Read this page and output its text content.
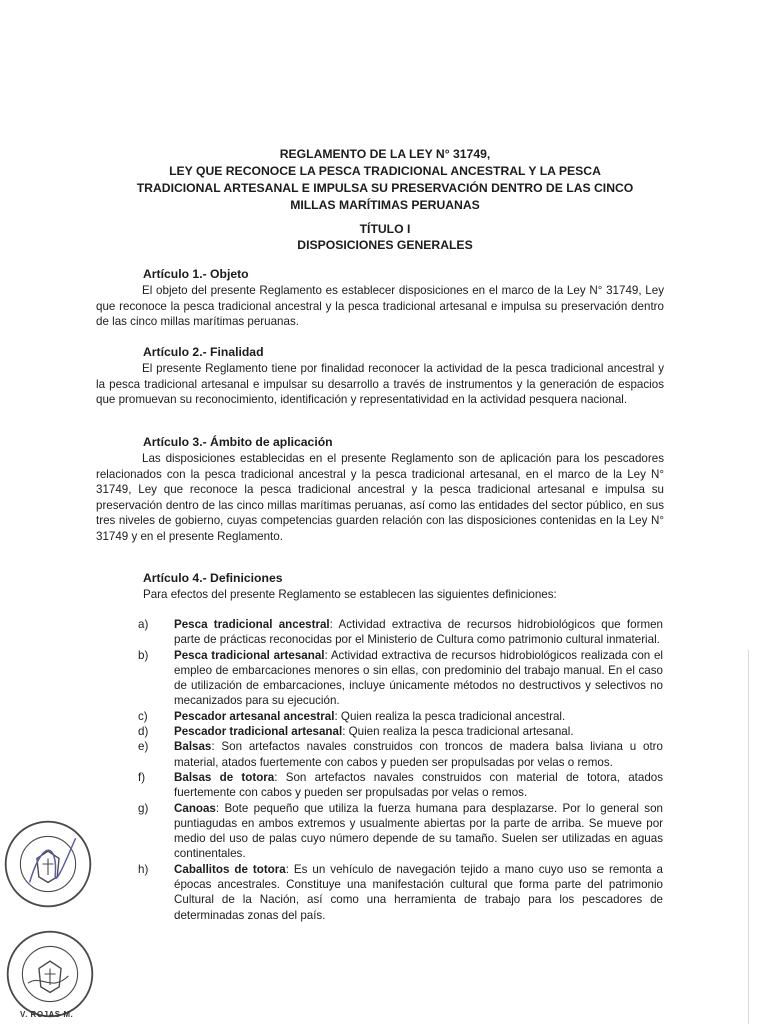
REGLAMENTO DE LA LEY N° 31749,
LEY QUE RECONOCE LA PESCA TRADICIONAL ANCESTRAL Y LA PESCA
TRADICIONAL ARTESANAL E IMPULSA SU PRESERVACIÓN DENTRO DE LAS CINCO
MILLAS MARÍTIMAS PERUANAS
TÍTULO I
DISPOSICIONES GENERALES
Artículo 1.- Objeto
El objeto del presente Reglamento es establecer disposiciones en el marco de la Ley N° 31749, Ley que reconoce la pesca tradicional ancestral y la pesca tradicional artesanal e impulsa su preservación dentro de las cinco millas marítimas peruanas.
Artículo 2.- Finalidad
El presente Reglamento tiene por finalidad reconocer la actividad de la pesca tradicional ancestral y la pesca tradicional artesanal e impulsar su desarrollo a través de instrumentos y la generación de espacios que promuevan su reconocimiento, identificación y representatividad en la actividad pesquera nacional.
Artículo 3.- Ámbito de aplicación
Las disposiciones establecidas en el presente Reglamento son de aplicación para los pescadores relacionados con la pesca tradicional ancestral y la pesca tradicional artesanal, en el marco de la Ley N° 31749, Ley que reconoce la pesca tradicional ancestral y la pesca tradicional artesanal e impulsa su preservación dentro de las cinco millas marítimas peruanas, así como las entidades del sector público, en sus tres niveles de gobierno, cuyas competencias guarden relación con las disposiciones contenidas en la Ley N° 31749 y en el presente Reglamento.
Artículo 4.- Definiciones
Para efectos del presente Reglamento se establecen las siguientes definiciones:
a)	Pesca tradicional ancestral: Actividad extractiva de recursos hidrobiológicos que formen parte de prácticas reconocidas por el Ministerio de Cultura como patrimonio cultural inmaterial.
b)	Pesca tradicional artesanal: Actividad extractiva de recursos hidrobiológicos realizada con el empleo de embarcaciones menores o sin ellas, con predominio del trabajo manual. En el caso de utilización de embarcaciones, incluye únicamente métodos no destructivos y selectivos no mecanizados para su ejecución.
c)	Pescador artesanal ancestral: Quien realiza la pesca tradicional ancestral.
d)	Pescador tradicional artesanal: Quien realiza la pesca tradicional artesanal.
e)	Balsas: Son artefactos navales construidos con troncos de madera balsa liviana u otro material, atados fuertemente con cabos y pueden ser propulsadas por velas o remos.
f)	Balsas de totora: Son artefactos navales construidos con material de totora, atados fuertemente con cabos y pueden ser propulsadas por velas o remos.
g)	Canoas: Bote pequeño que utiliza la fuerza humana para desplazarse. Por lo general son puntiagudas en ambos extremos y usualmente abiertas por la parte de arriba. Se mueve por medio del uso de palas cuyo número depende de su tamaño. Suelen ser utilizadas en aguas continentales.
h)	Caballitos de totora: Es un vehículo de navegación tejido a mano cuyo uso se remonta a épocas ancestrales. Constituye una manifestación cultural que forma parte del patrimonio Cultural de la Nación, así como una herramienta de trabajo para los pescadores de determinadas zonas del país.
V. ROJAS M.
